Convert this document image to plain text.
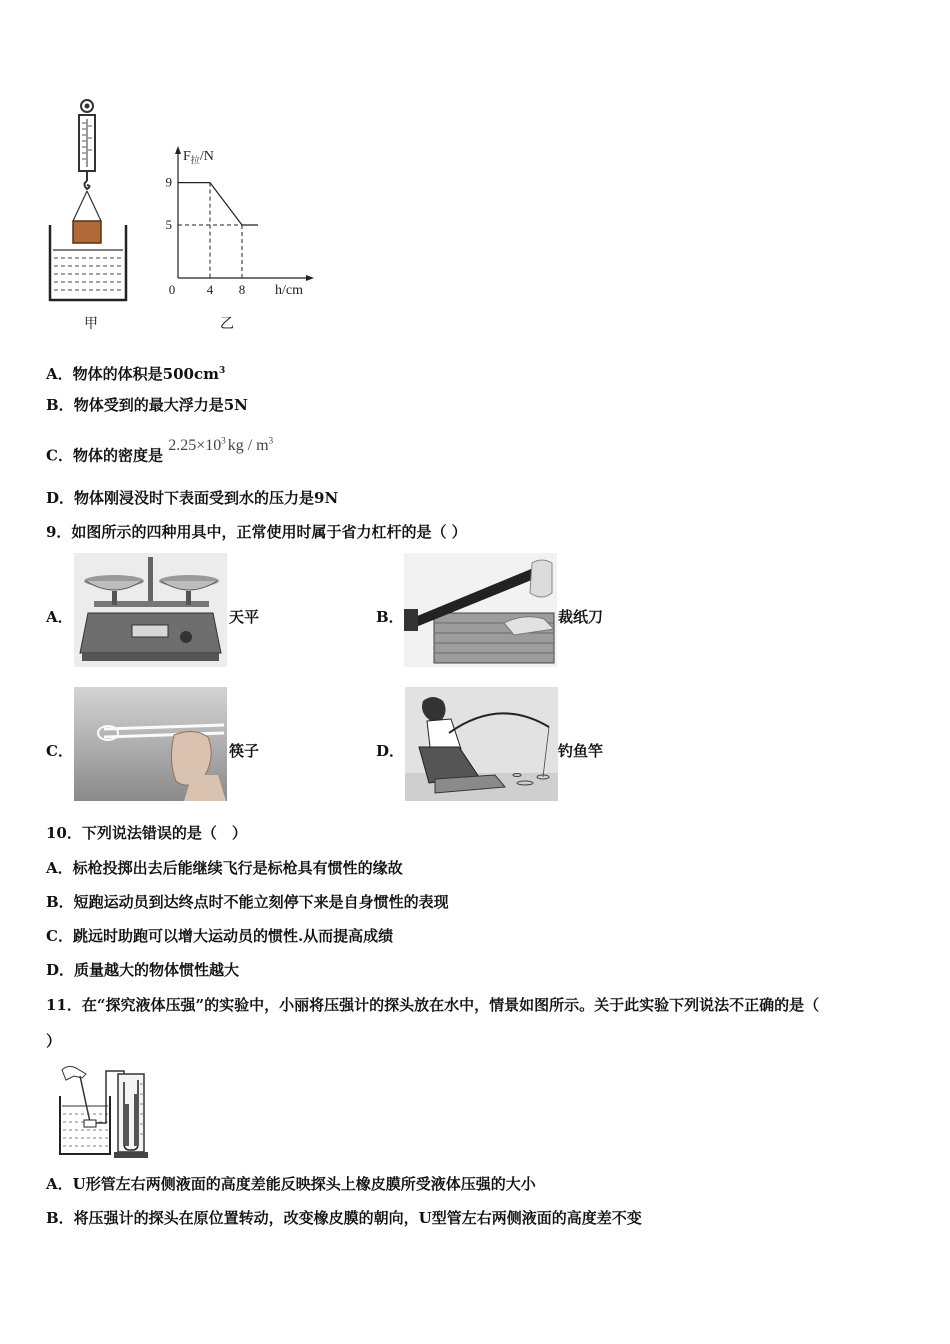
甲
$F_拉/N$
h/cm
0 4 8
9
5
乙
A．物体的体积是$500cm^3$
B．物体受到的最大浮力是5N
C．物体的密度是 $2.25\times 10^3$ kg / $m^3$
D．物体刚浸没时下表面受到水的压力是9N
9．如图所示的四种用具中，正常使用时属于省力杠杆的是（ ）
A．	天平	B．	裁纸刀
C．	筷子	D．	钓鱼竿
10．下列说法错误的是（　）
A．标枪投掷出去后能继续飞行是标枪具有惯性的缘故
B．短跑运动员到达终点时不能立刻停下来是自身惯性的表现
C．跳远时助跑可以增大运动员的惯性.从而提高成绩
D．质量越大的物体惯性越大
11．在“探究液体压强”的实验中，小丽将压强计的探头放在水中，情景如图所示。关于此实验下列说法不正确的是（
）
A．U形管左右两侧液面的高度差能反映探头上橡皮膜所受液体压强的大小
B．将压强计的探头在原位置转动，改变橡皮膜的朝向，U型管左右两侧液面的高度差不变
